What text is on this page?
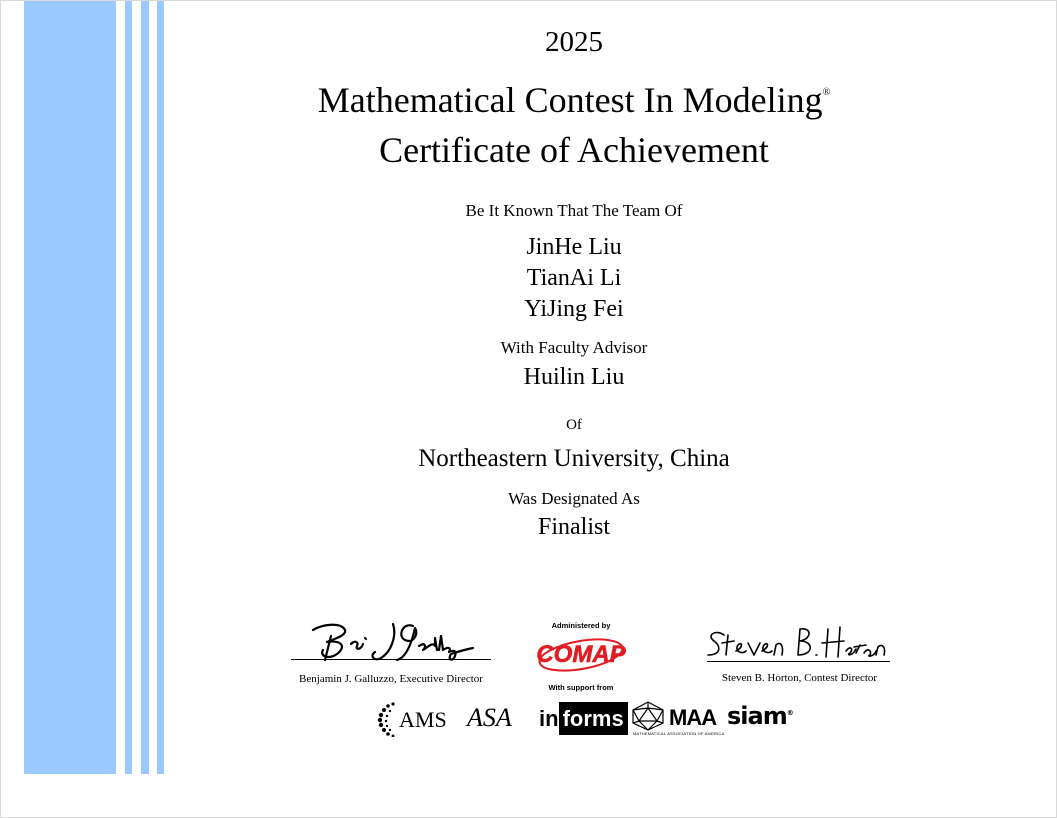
2025
Mathematical Contest In Modeling®
Certificate of Achievement
Be It Known That The Team Of
JinHe Liu
TianAi Li
YiJing Fei
With Faculty Advisor
Huilin Liu
Of
Northeastern University, China
Was Designated As
Finalist
Benjamin J. Galluzzo, Executive Director
Administered by
COMAP
With support from
Steven B. Horton, Contest Director
AMS ASA in forms MAA
MATHEMATICAL ASSOCIATION OF AMERICA
siam®
